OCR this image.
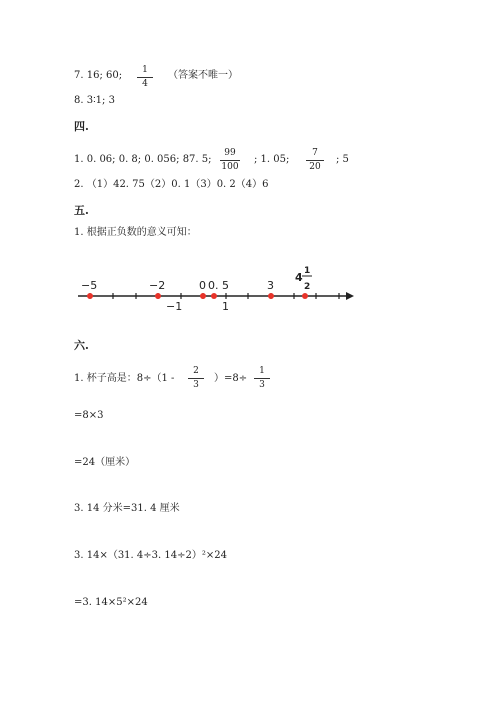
7. 16; 60;	1
4
（答案不唯一）
8. 3∶1; 3
四.
1. 0. 06; 0. 8; 0. 056; 87. 5;
99
100
; 1. 05;
7
20
; 5
2. （1）42. 75（2）0. 1（3）0. 2（4）6
五.
1. 根据正负数的意义可知：
−5	−2
−1
0 0. 5
1
3
4 1
2
六.
1. 杯子高是：8÷（1 -
2
3
）=8÷
1
3
=8×3
=24（厘米）
3. 14 分米=31. 4 厘米
3. 14×（31. 4÷3. 14÷2）²×24
=3. 14×5²×24
